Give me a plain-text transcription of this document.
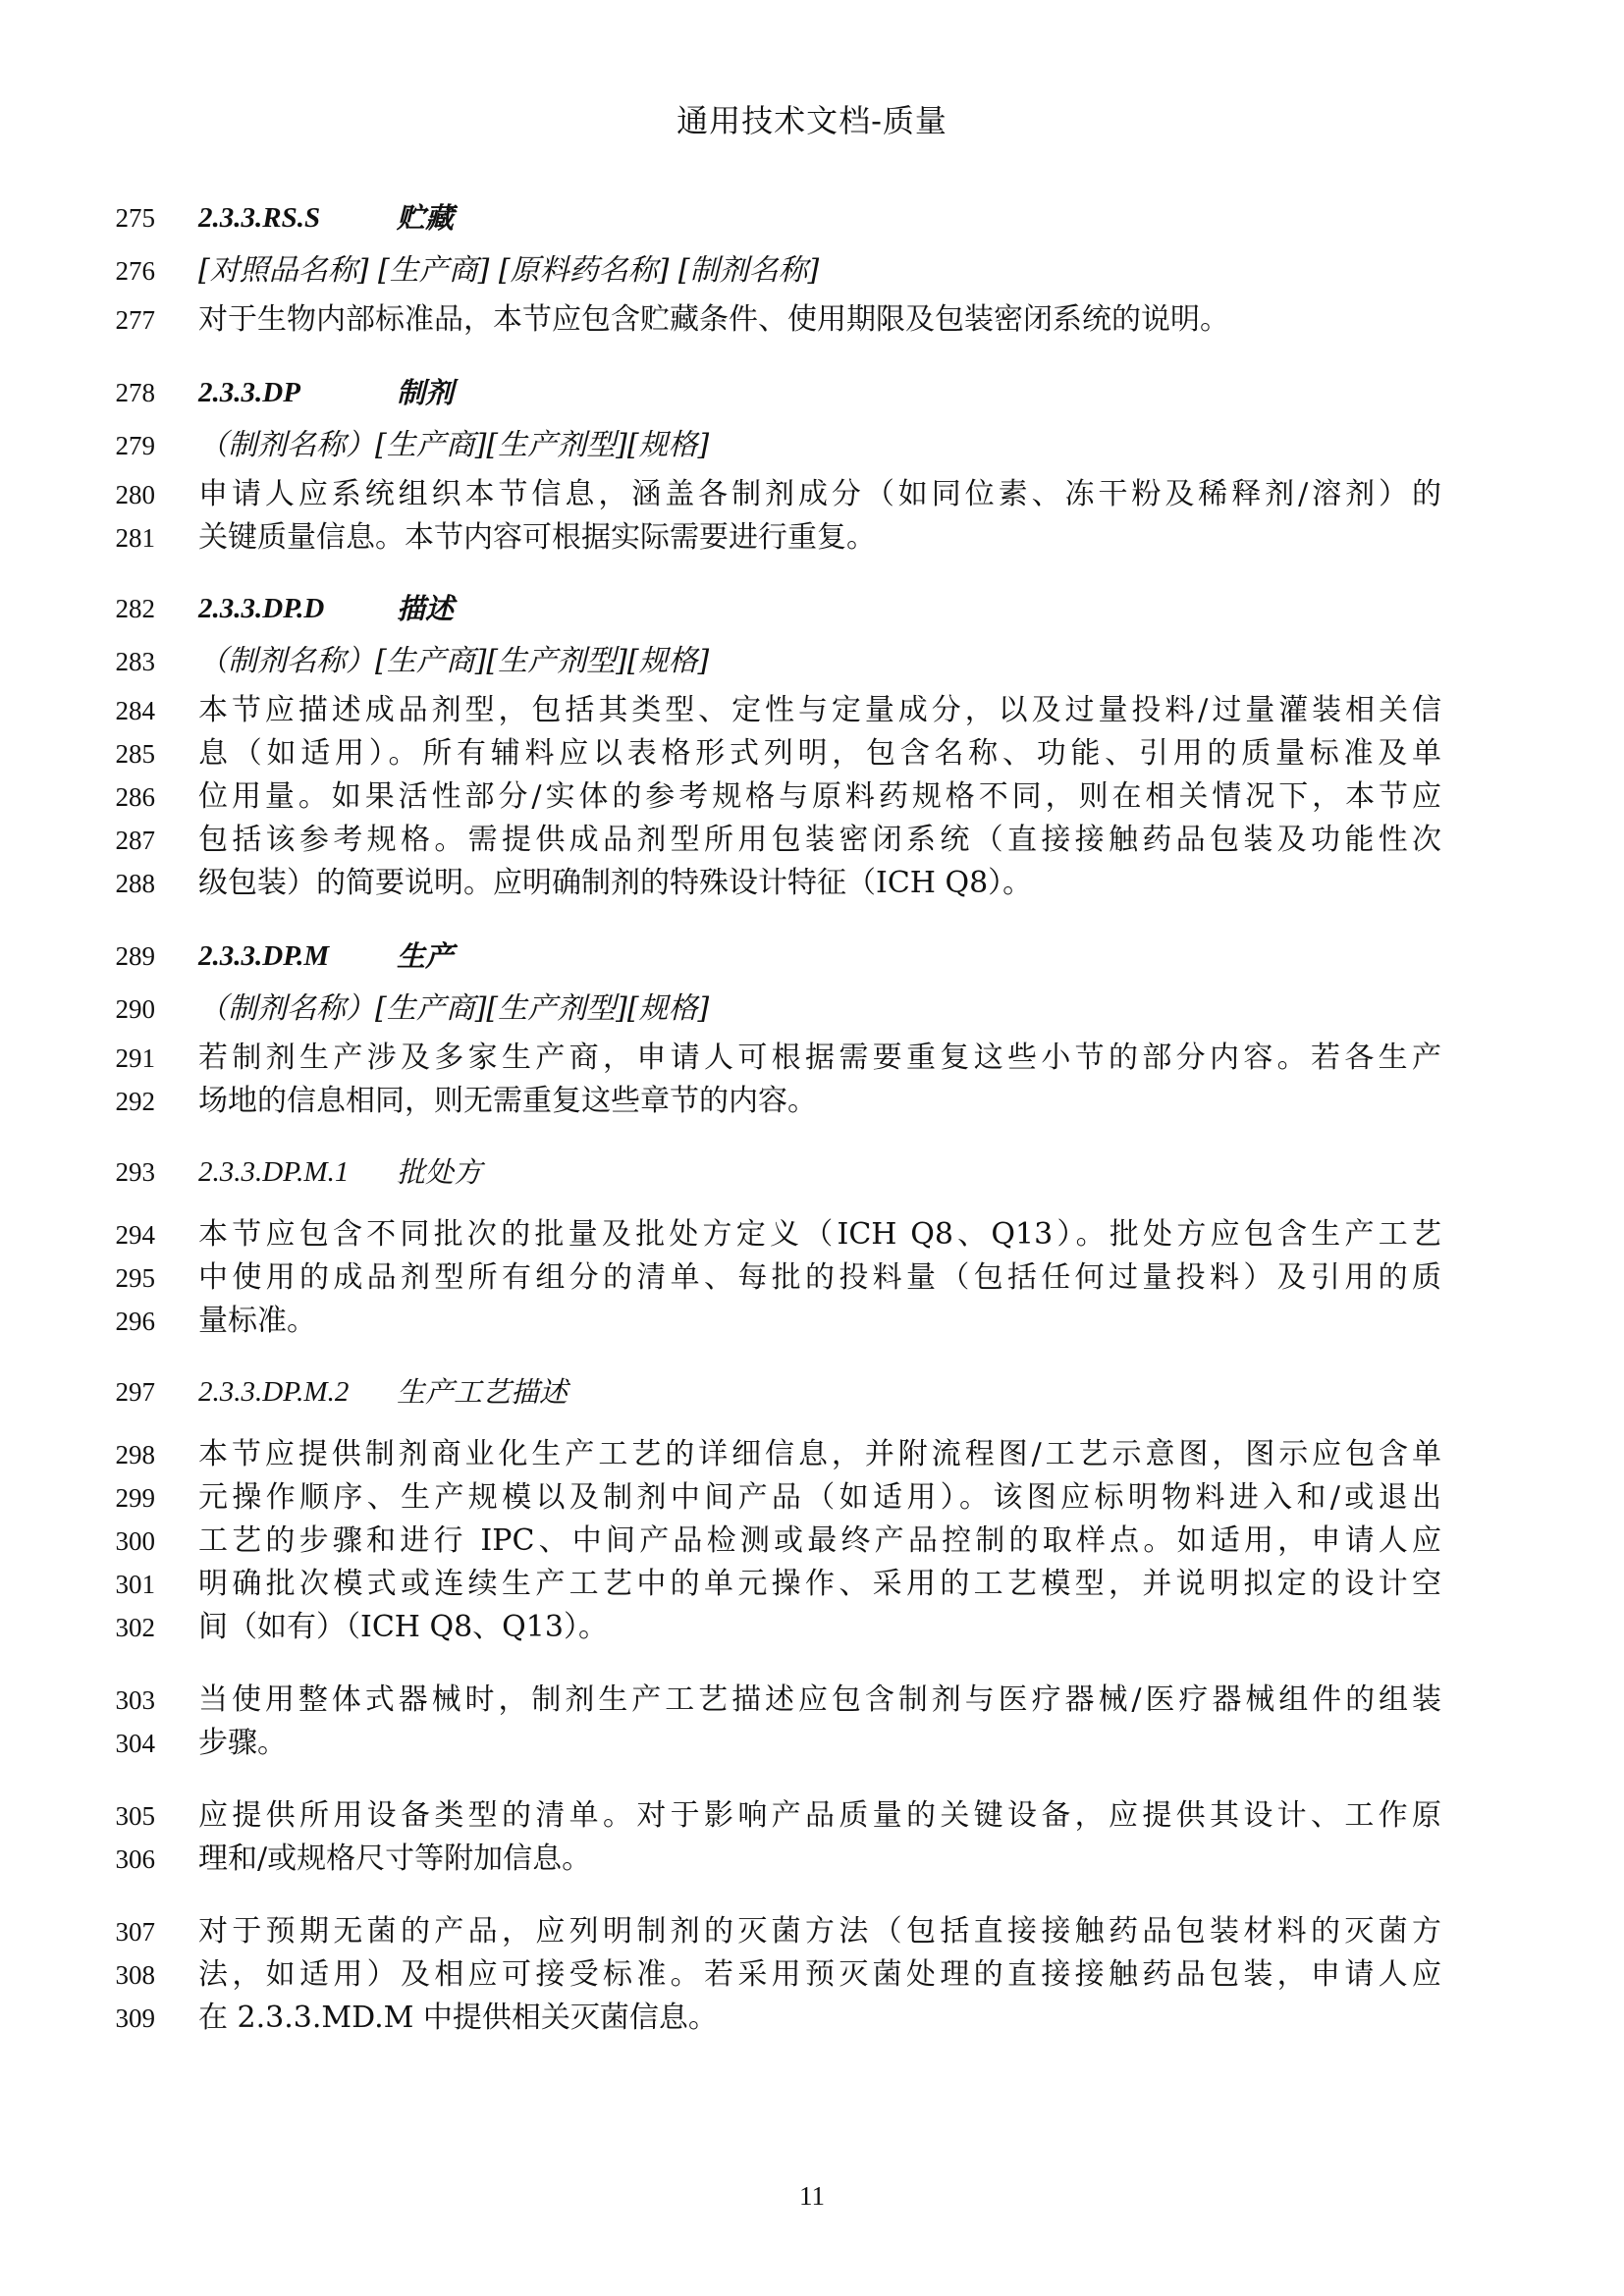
通用技术文档-质量
275 2.3.3.RS.S	贮藏
276 [对照品名称] [生产商] [原料药名称] [制剂名称]
277 对于生物内部标准品，本节应包含贮藏条件、使用期限及包装密闭系统的说明。
278 2.3.3.DP	制剂
279 （制剂名称）[生产商][生产剂型][规格]
280 申请人应系统组织本节信息，涵盖各制剂成分（如同位素、冻干粉及稀释剂/溶剂）的
281 关键质量信息。本节内容可根据实际需要进行重复。
282 2.3.3.DP.D	描述
283 （制剂名称）[生产商][生产剂型][规格]
284 本节应描述成品剂型，包括其类型、定性与定量成分，以及过量投料/过量灌装相关信
285 息（如适用）。所有辅料应以表格形式列明，包含名称、功能、引用的质量标准及单
286 位用量。如果活性部分/实体的参考规格与原料药规格不同，则在相关情况下，本节应
287 包括该参考规格。需提供成品剂型所用包装密闭系统（直接接触药品包装及功能性次
288 级包装）的简要说明。应明确制剂的特殊设计特征（ICH Q8）。
289 2.3.3.DP.M 生产
290 （制剂名称）[生产商][生产剂型][规格]
291 若制剂生产涉及多家生产商，申请人可根据需要重复这些小节的部分内容。若各生产
292 场地的信息相同，则无需重复这些章节的内容。
293 2.3.3.DP.M.1 批处方
294 本节应包含不同批次的批量及批处方定义（ICH Q8、Q13）。批处方应包含生产工艺
295 中使用的成品剂型所有组分的清单、每批的投料量（包括任何过量投料）及引用的质
296 量标准。
297 2.3.3.DP.M.2 生产工艺描述
298 本节应提供制剂商业化生产工艺的详细信息，并附流程图/工艺示意图，图示应包含单
299 元操作顺序、生产规模以及制剂中间产品（如适用）。该图应标明物料进入和/或退出
300 工艺的步骤和进行 IPC、中间产品检测或最终产品控制的取样点。如适用，申请人应
301 明确批次模式或连续生产工艺中的单元操作、采用的工艺模型，并说明拟定的设计空
302 间（如有）（ICH Q8、Q13）。
303 当使用整体式器械时，制剂生产工艺描述应包含制剂与医疗器械/医疗器械组件的组装
304 步骤。
305 应提供所用设备类型的清单。对于影响产品质量的关键设备，应提供其设计、工作原
306 理和/或规格尺寸等附加信息。
307 对于预期无菌的产品，应列明制剂的灭菌方法（包括直接接触药品包装材料的灭菌方
308 法，如适用）及相应可接受标准。若采用预灭菌处理的直接接触药品包装，申请人应
309 在 2.3.3.MD.M 中提供相关灭菌信息。
11
